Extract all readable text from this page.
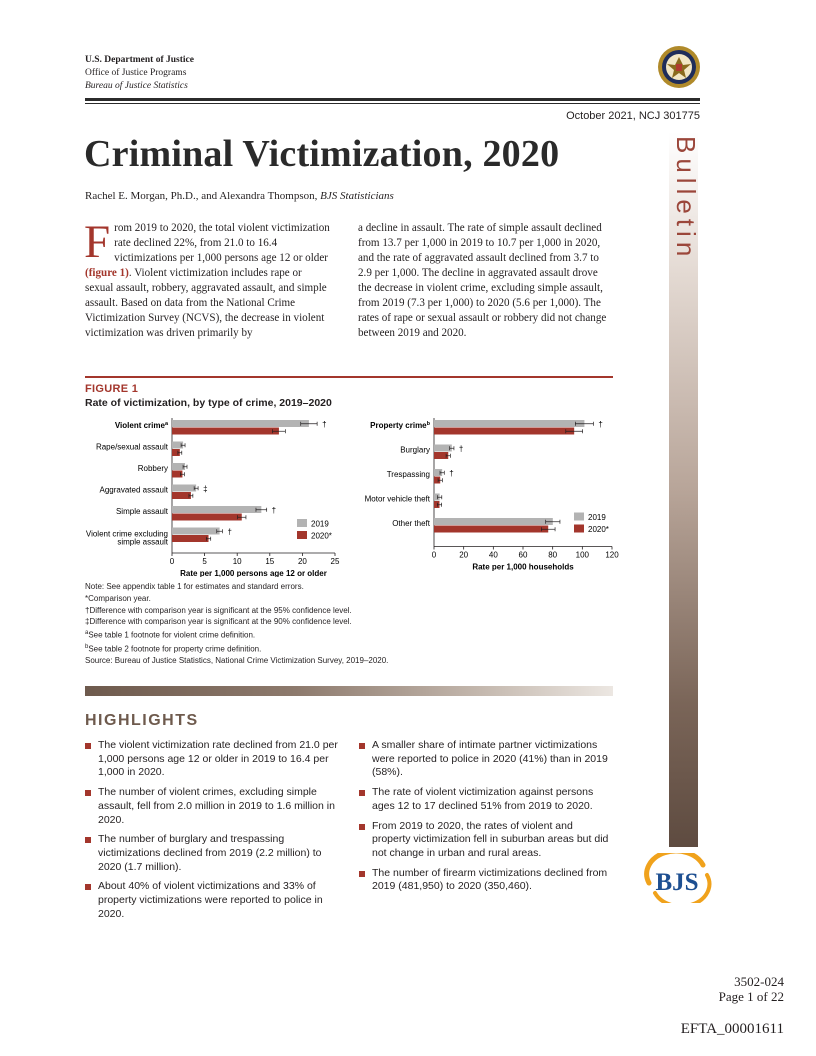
U.S. Department of Justice
Office of Justice Programs
Bureau of Justice Statistics
October 2021, NCJ 301775
Criminal Victimization, 2020
Rachel E. Morgan, Ph.D., and Alexandra Thompson, BJS Statisticians	Bulletin
From 2019 to 2020, the total violent victimization rate declined 22%, from 21.0 to 16.4 victimizations per 1,000 persons age 12 or older (figure 1). Violent victimization includes rape or sexual assault, robbery, aggravated assault, and simple assault. Based on data from the National Crime Victimization Survey (NCVS), the decrease in violent victimization was driven primarily by
a decline in assault. The rate of simple assault declined from 13.7 per 1,000 in 2019 to 10.7 per 1,000 in 2020, and the rate of aggravated assault declined from 3.7 to 2.9 per 1,000. The decline in aggravated assault drove the decrease in violent crime, excluding simple assault, from 2019 (7.3 per 1,000) to 2020 (5.6 per 1,000). The rates of rape or sexual assault or robbery did not change between 2019 and 2020.
FIGURE 1
Rate of victimization, by type of crime, 2019–2020
0	5	10	15	20	25
Rate per 1,000 persons age 12 or older
Violent crime$^a$	†
Rape/sexual assault
Robbery
Aggravated assault	‡
Simple assault	†
Violent crime excluding
simple assault
†
2019
2020*
0	20	40	60	80 100 120
Rate per 1,000 households
Property crime$^b$	†
Burglary	†
Trespassing †
Motor vehicle theft
Other theft
2019
2020*
Note: See appendix table 1 for estimates and standard errors.
*Comparison year.
†Difference with comparison year is significant at the 95% confidence level.
‡Difference with comparison year is significant at the 90% confidence level.
$^a$See table 1 footnote for violent crime definition.
$^b$See table 2 footnote for property crime definition.
Source: Bureau of Justice Statistics, National Crime Victimization Survey, 2019–2020.
HIGHLIGHTS
The violent victimization rate declined from 21.0 per 1,000 persons age 12 or older in 2019 to 16.4 per 1,000 in 2020.
The number of violent crimes, excluding simple assault, fell from 2.0 million in 2019 to 1.6 million in 2020.
The number of burglary and trespassing victimizations declined from 2019 (2.2 million) to 2020 (1.7 million).
About 40% of violent victimizations and 33% of property victimizations were reported to police in 2020.
A smaller share of intimate partner victimizations were reported to police in 2020 (41%) than in 2019 (58%).
The rate of violent victimization against persons ages 12 to 17 declined 51% from 2019 to 2020.
From 2019 to 2020, the rates of violent and property victimization fell in suburban areas but did not change in urban and rural areas.
The number of firearm victimizations declined from 2019 (481,950) to 2020 (350,460).	BJS
3502-024
Page 1 of 22
EFTA_00001611
